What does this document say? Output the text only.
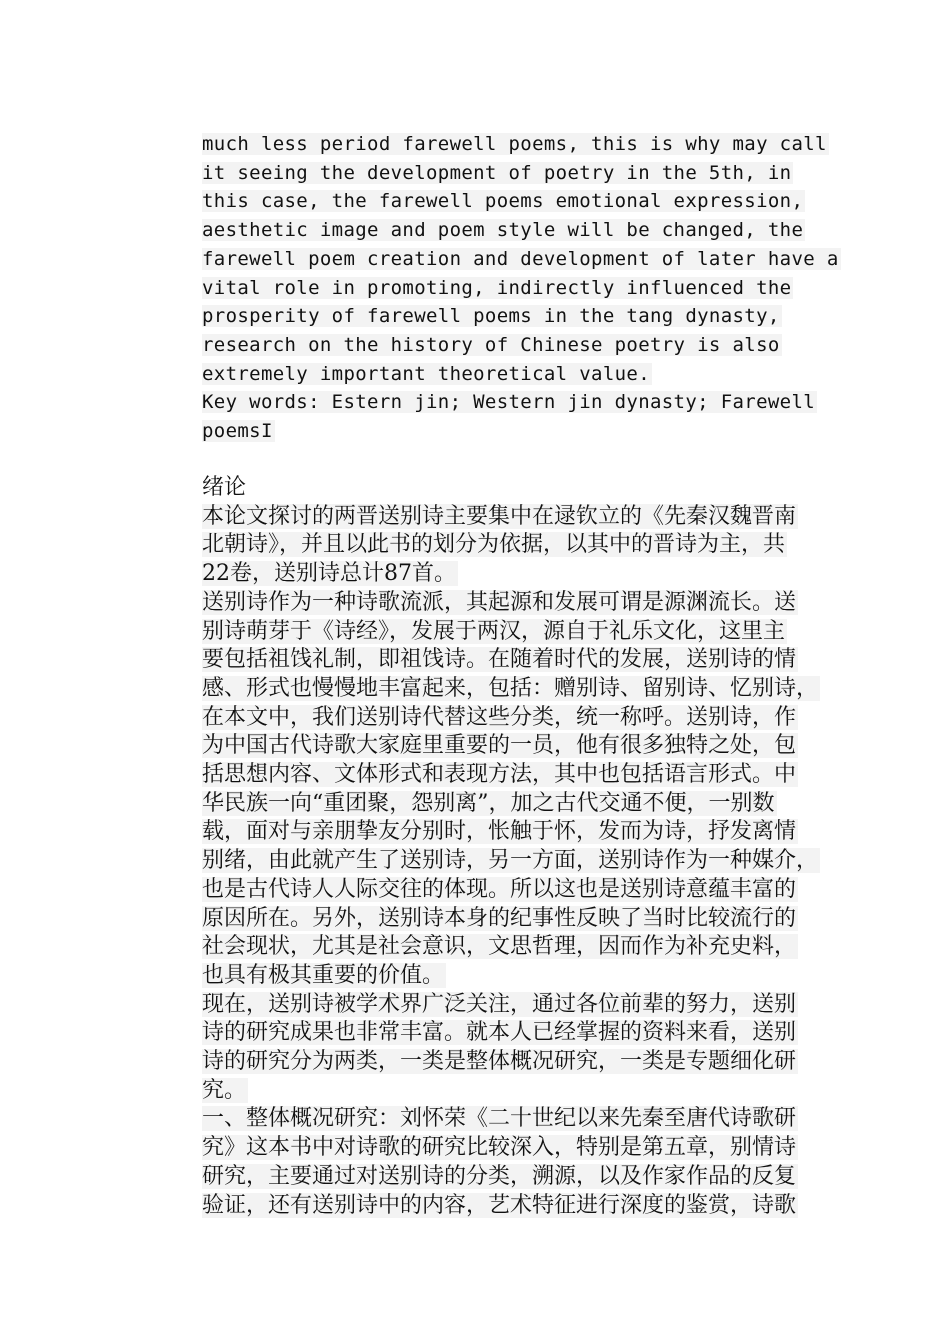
much less period farewell poems, this is why may call
it seeing the development of poetry in the 5th, in
this case, the farewell poems emotional expression,
aesthetic image and poem style will be changed, the
farewell poem creation and development of later have a
vital role in promoting, indirectly influenced the
prosperity of farewell poems in the tang dynasty,
research on the history of Chinese poetry is also
extremely important theoretical value.
Key words: Estern jin; Western jin dynasty; Farewell
poemsI
绪论
本论文探讨的两晋送别诗主要集中在逯钦立的《先秦汉魏晋南
北朝诗》，并且以此书的划分为依据，以其中的晋诗为主，共
22卷，送别诗总计87首。
送别诗作为一种诗歌流派，其起源和发展可谓是源渊流长。送
别诗萌芽于《诗经》，发展于两汉，源自于礼乐文化，这里主
要包括祖饯礼制，即祖饯诗。在随着时代的发展，送别诗的情
感、形式也慢慢地丰富起来，包括：赠别诗、留别诗、忆别诗，
在本文中，我们送别诗代替这些分类，统一称呼。送别诗，作
为中国古代诗歌大家庭里重要的一员，他有很多独特之处，包
括思想内容、文体形式和表现方法，其中也包括语言形式。中
华民族一向“重团聚，怨别离”，加之古代交通不便，一别数
载，面对与亲朋挚友分别时，怅触于怀，发而为诗，抒发离情
别绪，由此就产生了送别诗，另一方面，送别诗作为一种媒介，
也是古代诗人人际交往的体现。所以这也是送别诗意蕴丰富的
原因所在。另外，送别诗本身的纪事性反映了当时比较流行的
社会现状，尤其是社会意识，文思哲理，因而作为补充史料，
也具有极其重要的价值。
现在，送别诗被学术界广泛关注，通过各位前辈的努力，送别
诗的研究成果也非常丰富。就本人已经掌握的资料来看，送别
诗的研究分为两类，一类是整体概况研究，一类是专题细化研
究。
一、整体概况研究：刘怀荣《二十世纪以来先秦至唐代诗歌研
究》这本书中对诗歌的研究比较深入，特别是第五章，别情诗
研究，主要通过对送别诗的分类，溯源，以及作家作品的反复
验证，还有送别诗中的内容，艺术特征进行深度的鉴赏，诗歌
